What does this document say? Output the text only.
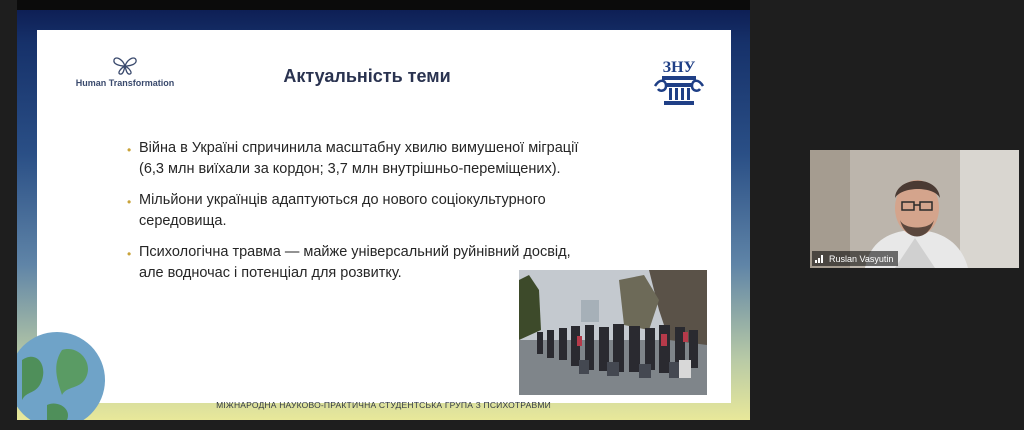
Human Transformation	Актуальність теми	ЗНУ
• Війна в Україні спричинила масштабну хвилю вимушеної міграції (6,3 млн виїхали за кордон; 3,7 млн внутрішньо-переміщених).
• Мільйони українців адаптуються до нового соціокультурного середовища.
• Психологічна травма — майже універсальний руйнівний досвід, але водночас і потенціал для розвитку.
МІЖНАРОДНА НАУКОВО-ПРАКТИЧНА СТУДЕНТСЬКА ГРУПА З ПСИХОТРАВМИ
Ruslan Vasyutin
